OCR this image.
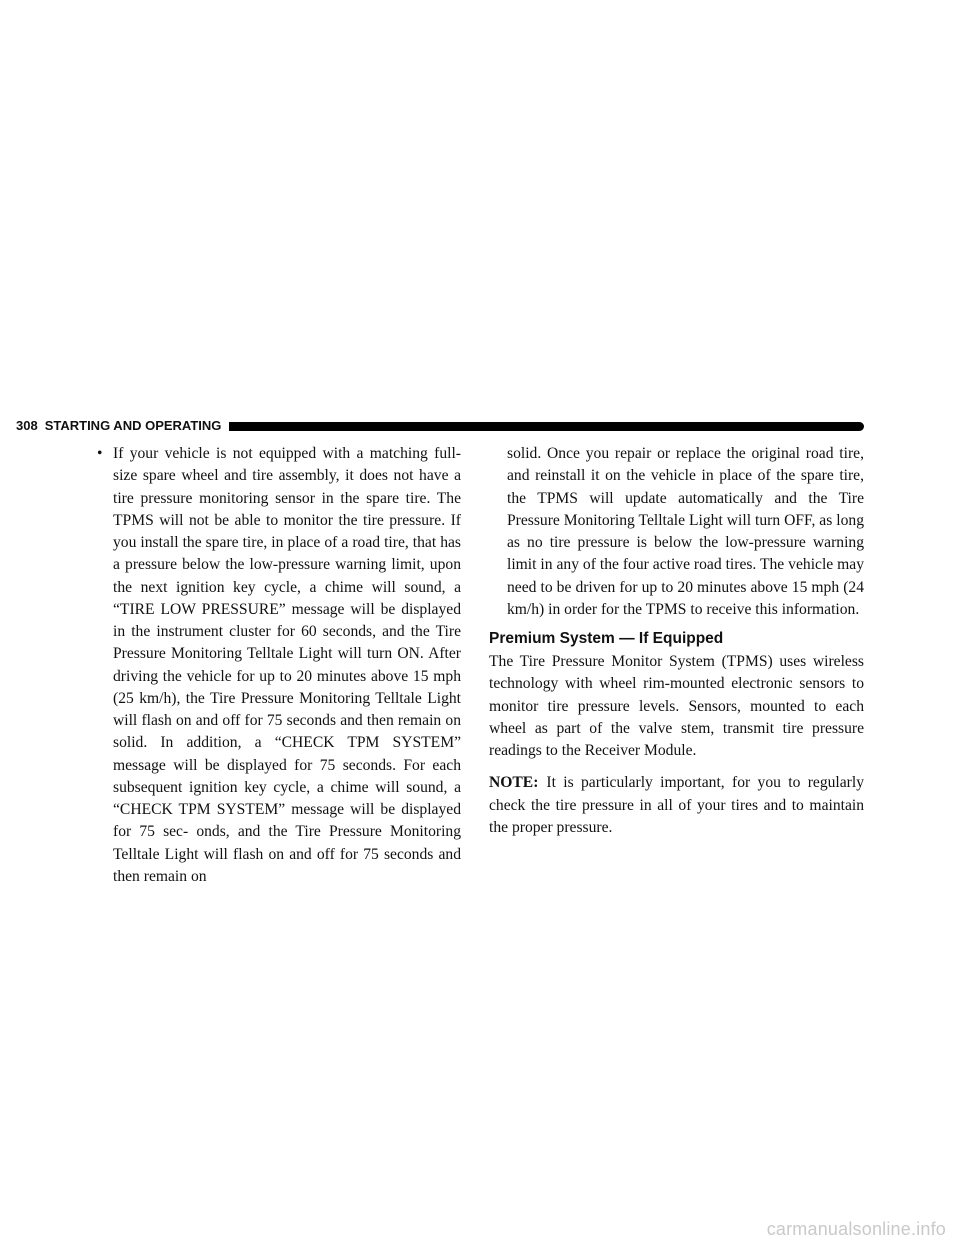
308 STARTING AND OPERATING
• If your vehicle is not equipped with a matching full-size spare wheel and tire assembly, it does not have a tire pressure monitoring sensor in the spare tire. The TPMS will not be able to monitor the tire pressure. If you install the spare tire, in place of a road tire, that has a pressure below the low-pressure warning limit, upon the next ignition key cycle, a chime will sound, a “TIRE LOW PRESSURE” message will be displayed in the instrument cluster for 60 seconds, and the Tire Pressure Monitoring Telltale Light will turn ON. After driving the vehicle for up to 20 minutes above 15 mph (25 km/h), the Tire Pressure Monitoring Telltale Light will flash on and off for 75 seconds and then remain on solid. In addition, a “CHECK TPM SYSTEM” message will be displayed for 75 seconds. For each subsequent ignition key cycle, a chime will sound, a “CHECK TPM SYSTEM” message will be displayed for 75 sec- onds, and the Tire Pressure Monitoring Telltale Light will flash on and off for 75 seconds and then remain on

solid. Once you repair or replace the original road tire, and reinstall it on the vehicle in place of the spare tire, the TPMS will update automatically and the Tire Pressure Monitoring Telltale Light will turn OFF, as long as no tire pressure is below the low-pressure warning limit in any of the four active road tires. The vehicle may need to be driven for up to 20 minutes above 15 mph (24 km/h) in order for the TPMS to receive this information.

Premium System — If Equipped

The Tire Pressure Monitor System (TPMS) uses wireless technology with wheel rim-mounted electronic sensors to monitor tire pressure levels. Sensors, mounted to each wheel as part of the valve stem, transmit tire pressure readings to the Receiver Module.

NOTE: It is particularly important, for you to regularly check the tire pressure in all of your tires and to maintain the proper pressure.

carmanualsonline.info
